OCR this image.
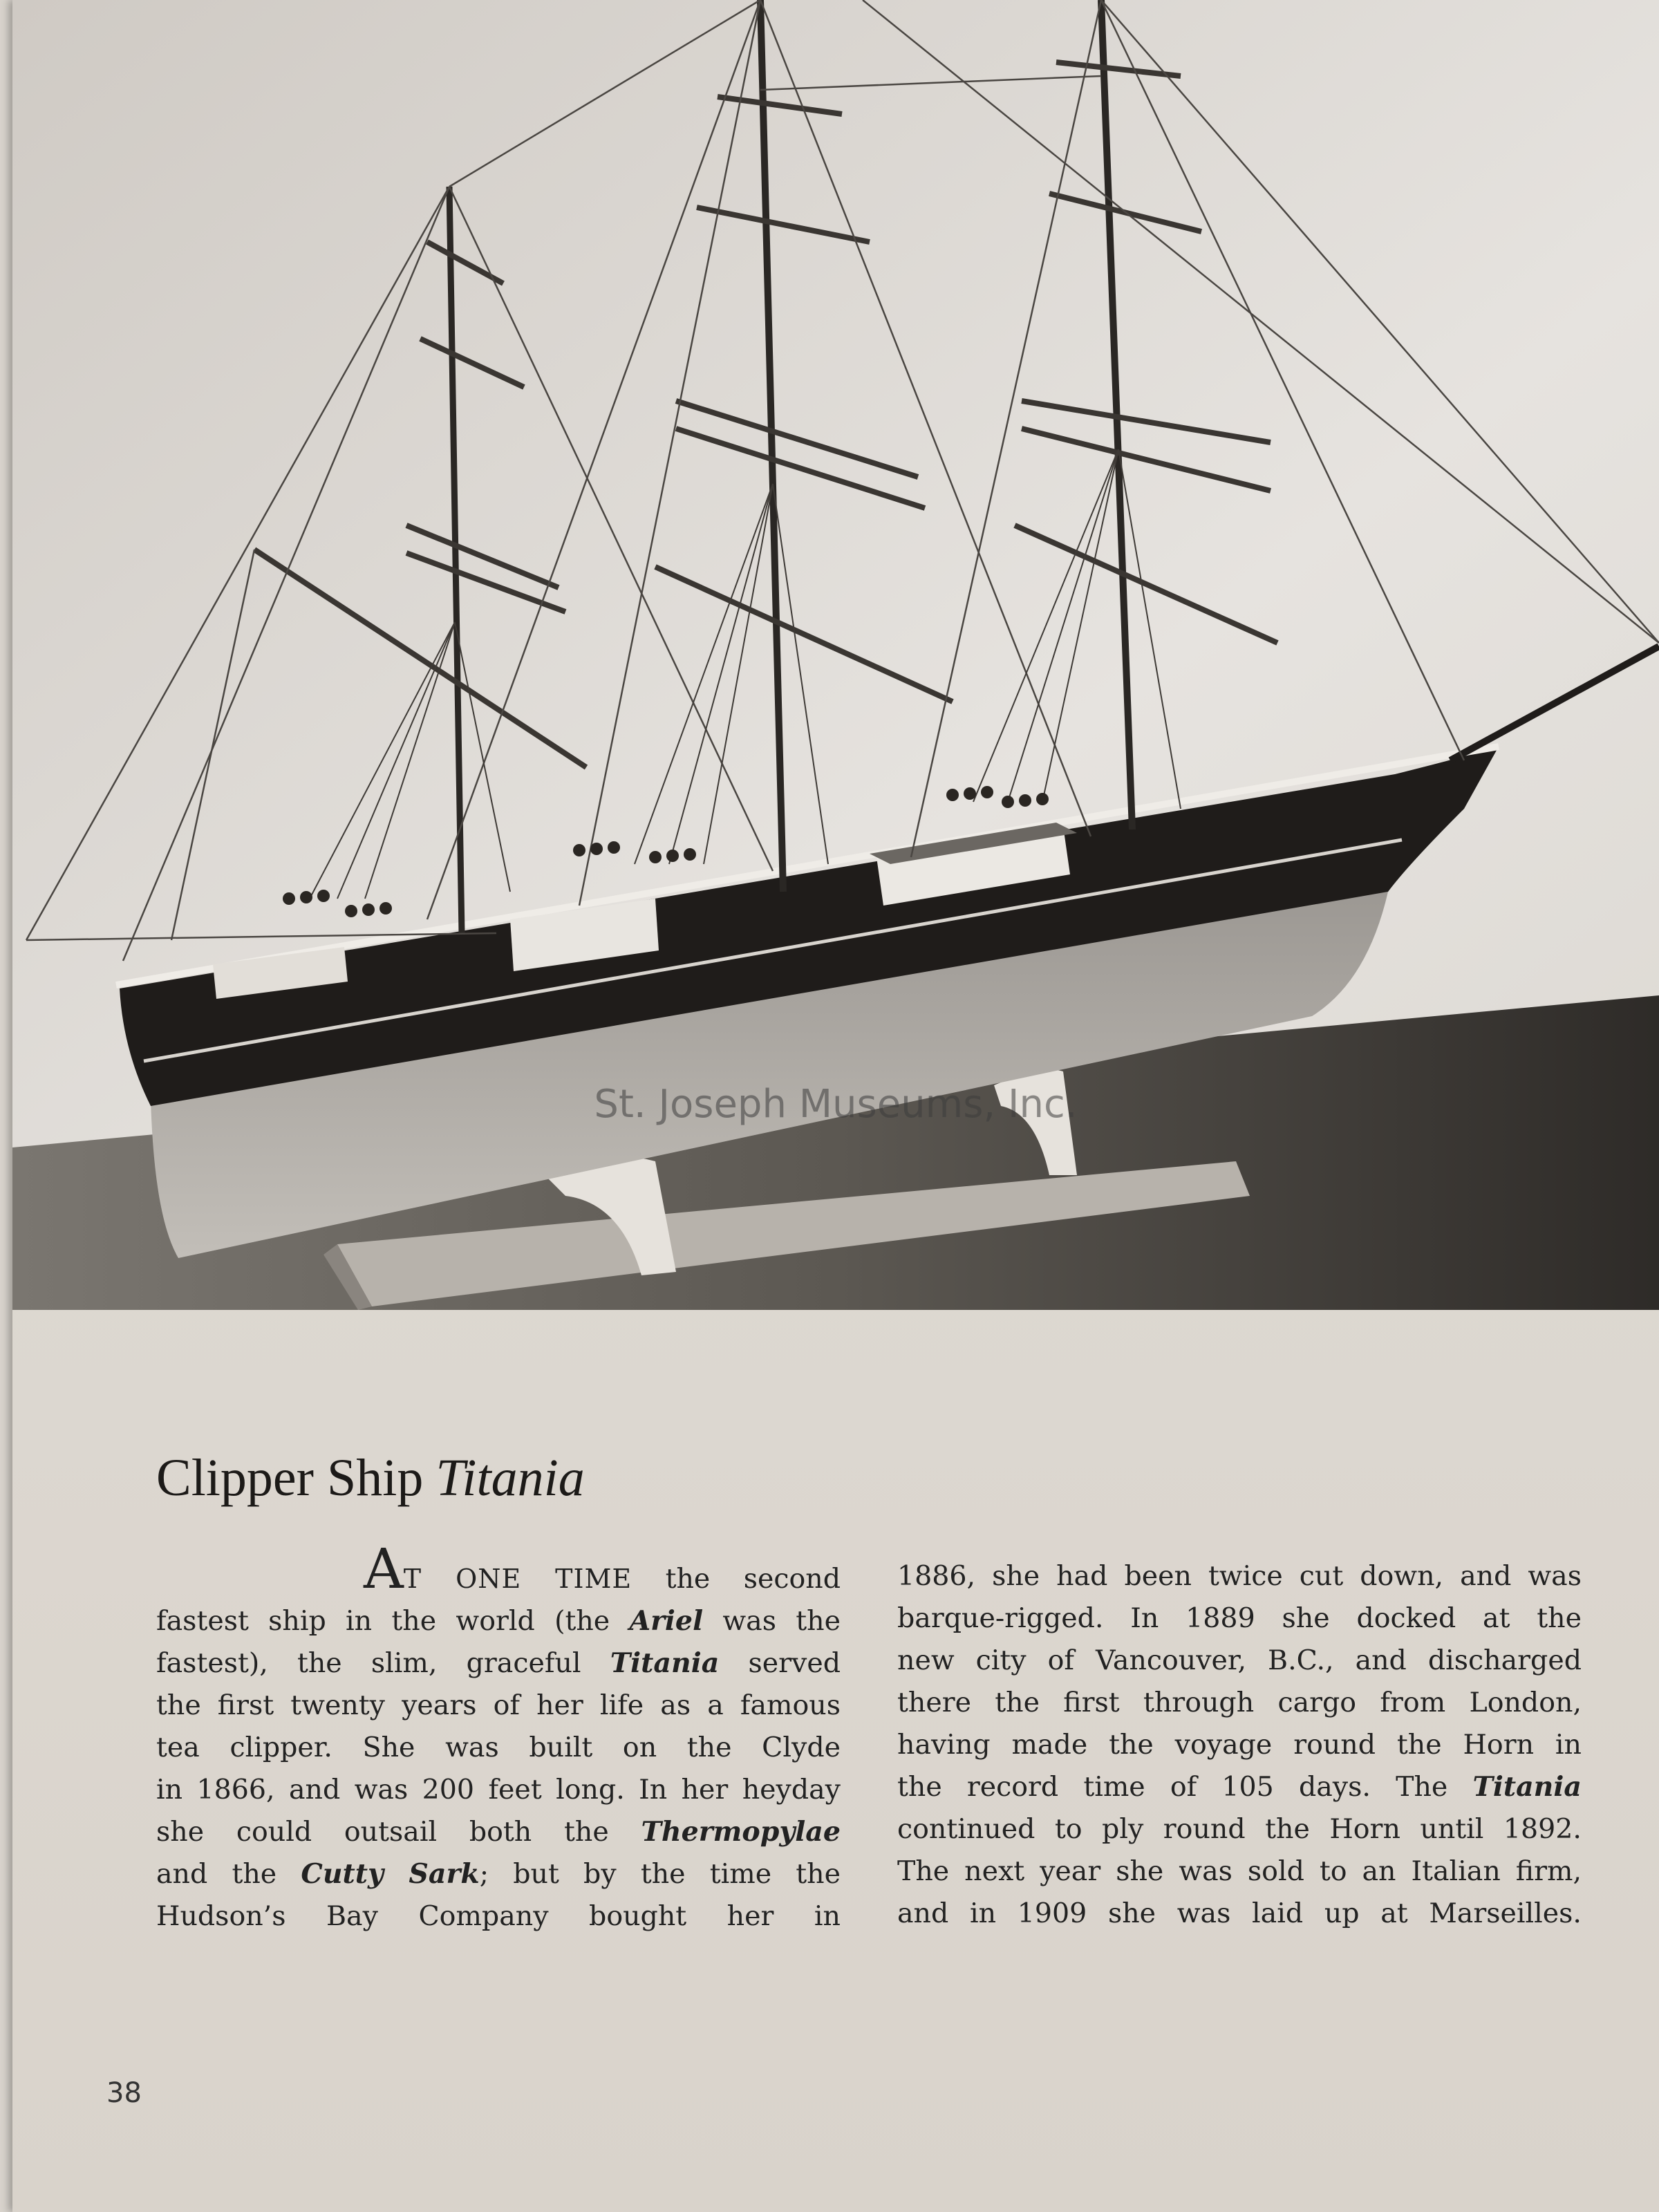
St. Joseph Museums, Inc.
Clipper Ship Titania
AT ONE TIME the second
fastest ship in the world (the Ariel was the
fastest), the slim, graceful Titania served
the first twenty years of her life as a famous
tea clipper. She was built on the Clyde
in 1866, and was 200 feet long. In her heyday
she could outsail both the Thermopylae
and the Cutty Sark; but by the time the
Hudson’s Bay Company bought her in
1886, she had been twice cut down, and was
barque-rigged. In 1889 she docked at the
new city of Vancouver, B.C., and discharged
there the first through cargo from London,
having made the voyage round the Horn in
the record time of 105 days. The Titania
continued to ply round the Horn until 1892.
The next year she was sold to an Italian firm,
and in 1909 she was laid up at Marseilles.
38
